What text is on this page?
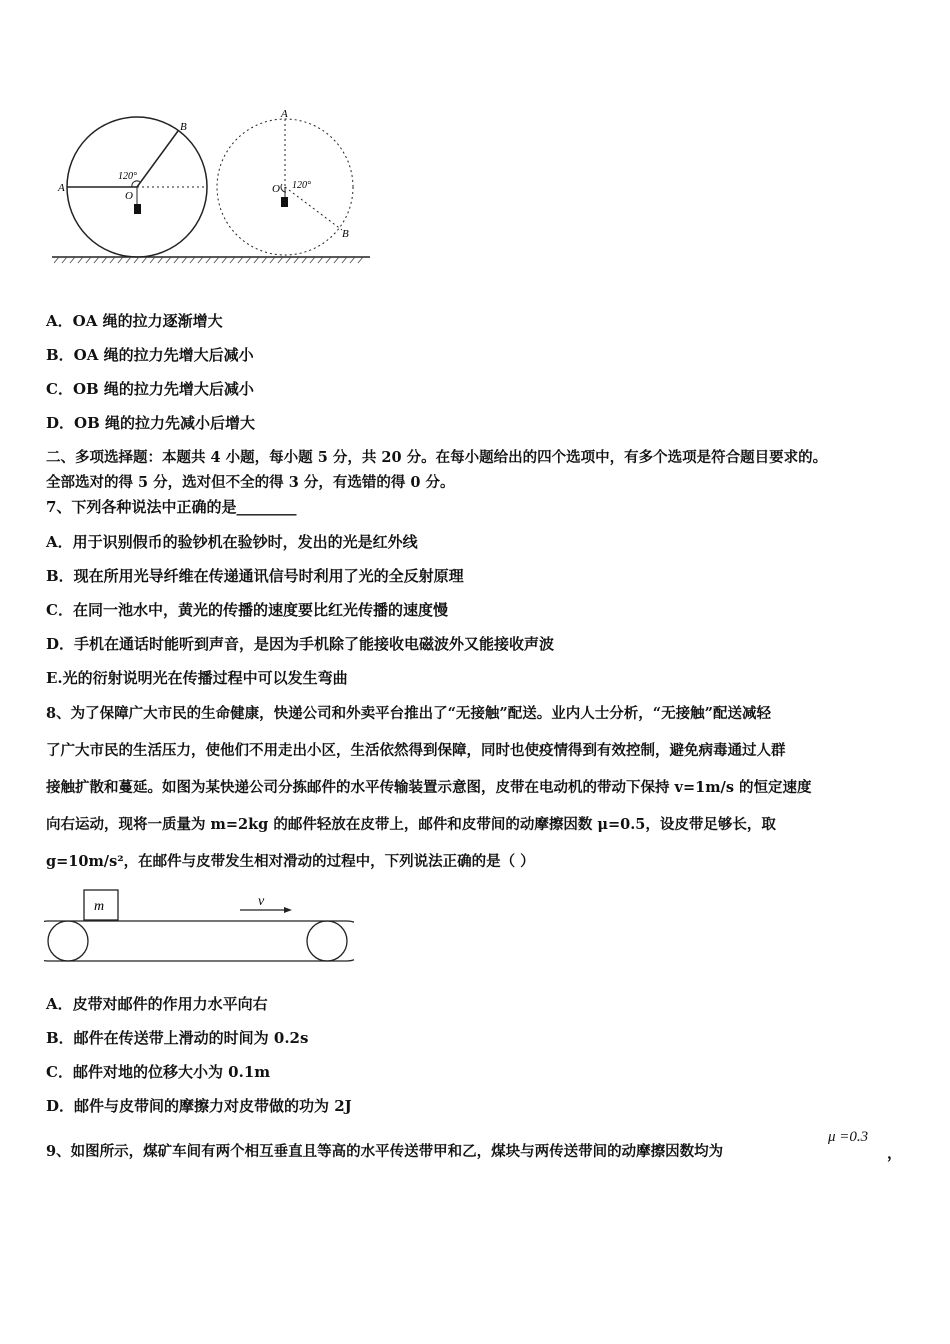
A
B
O
120°
A
B
O 120°
A．OA 绳的拉力逐渐增大
B．OA 绳的拉力先增大后减小
C．OB 绳的拉力先增大后减小
D．OB 绳的拉力先减小后增大
二、多项选择题：本题共 4 小题，每小题 5 分，共 20 分。在每小题给出的四个选项中，有多个选项是符合题目要求的。
全部选对的得 5 分，选对但不全的得 3 分，有选错的得 0 分。
7、下列各种说法中正确的是________
A．用于识别假币的验钞机在验钞时，发出的光是红外线
B．现在所用光导纤维在传递通讯信号时利用了光的全反射原理
C．在同一池水中，黄光的传播的速度要比红光传播的速度慢
D．手机在通话时能听到声音，是因为手机除了能接收电磁波外又能接收声波
E.光的衍射说明光在传播过程中可以发生弯曲
8、为了保障广大市民的生命健康，快递公司和外卖平台推出了“无接触”配送。业内人士分析，“无接触”配送减轻
了广大市民的生活压力，使他们不用走出小区，生活依然得到保障，同时也使疫情得到有效控制，避免病毒通过人群
接触扩散和蔓延。如图为某快递公司分拣邮件的水平传输装置示意图，皮带在电动机的带动下保持 v=1m/s 的恒定速度
向右运动，现将一质量为 m=2kg 的邮件轻放在皮带上，邮件和皮带间的动摩擦因数 μ=0.5，设皮带足够长，取
g=10m/s²，在邮件与皮带发生相对滑动的过程中，下列说法正确的是（ ）
m	v
A．皮带对邮件的作用力水平向右
B．邮件在传送带上滑动的时间为 0.2s
C．邮件对地的位移大小为 0.1m
D．邮件与皮带间的摩擦力对皮带做的功为 2J
9、如图所示，煤矿车间有两个相互垂直且等高的水平传送带甲和乙，煤块与两传送带间的动摩擦因数均为
μ =0.3
，
